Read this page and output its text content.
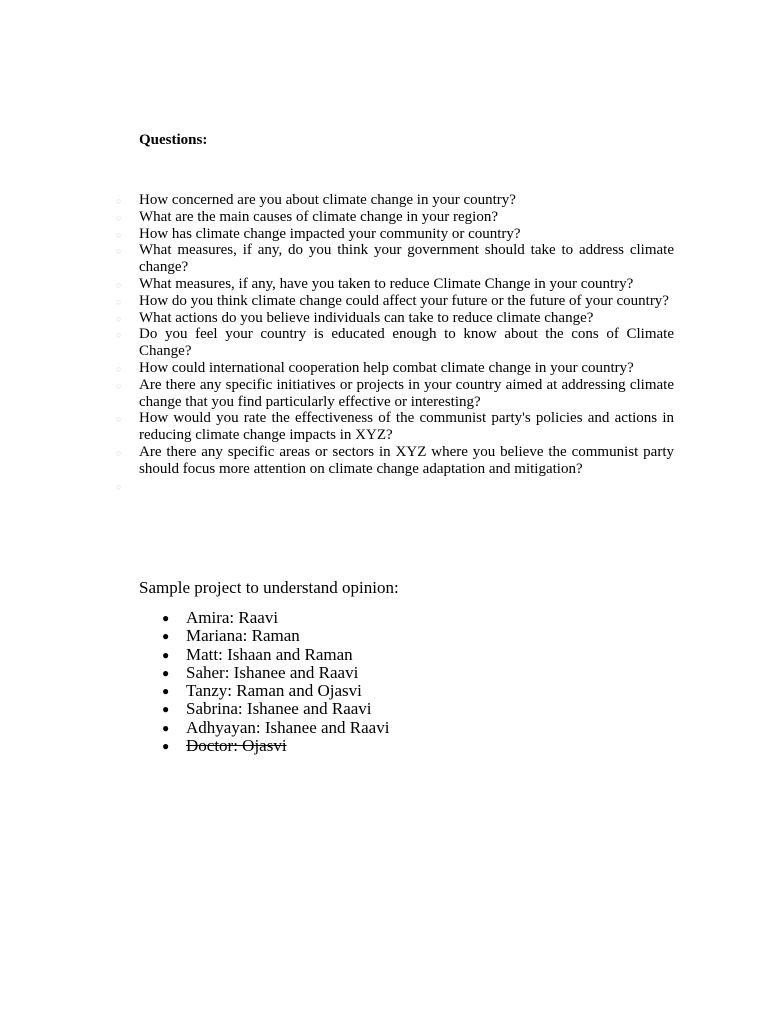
Questions:

○ How concerned are you about climate change in your country?
○ What are the main causes of climate change in your region?
○ How has climate change impacted your community or country?
○ What measures, if any, do you think your government should take to address climate change?
○ What measures, if any, have you taken to reduce Climate Change in your country?
○ How do you think climate change could affect your future or the future of your country?
○ What actions do you believe individuals can take to reduce climate change?
○ Do you feel your country is educated enough to know about the cons of Climate Change?
○ How could international cooperation help combat climate change in your country?
○ Are there any specific initiatives or projects in your country aimed at addressing climate change that you find particularly effective or interesting?
○ How would you rate the effectiveness of the communist party's policies and actions in reducing climate change impacts in XYZ?
○ Are there any specific areas or sectors in XYZ where you believe the communist party should focus more attention on climate change adaptation and mitigation?
○

Sample project to understand opinion:

● Amira: Raavi
● Mariana: Raman
● Matt: Ishaan and Raman
● Saher: Ishanee and Raavi
● Tanzy: Raman and Ojasvi
● Sabrina: Ishanee and Raavi
● Adhyayan: Ishanee and Raavi
● Doctor: Ojasvi
